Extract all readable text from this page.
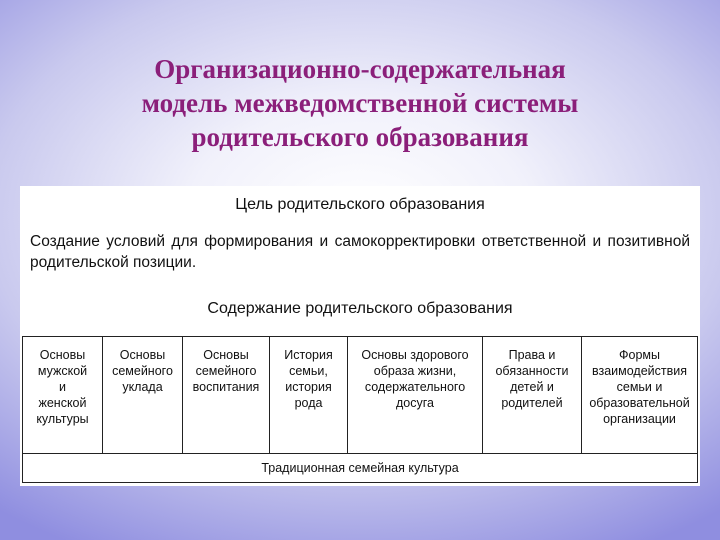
Организационно-содержательная
модель межведомственной системы
родительского образования
Цель родительского образования
Создание условий для формирования и самокорректировки ответственной и позитивной родительской позиции.
Содержание родительского образования
Основы
мужской
и
женской
культуры
Основы
семейного
уклада
Основы
семейного
воспитания
История
семьи,
история
рода
Основы здорового
образа жизни,
содержательного
досуга
Права и
обязанности
детей и
родителей
Формы
взаимодействия
семьи и
образовательной
организации
Традиционная семейная культура
